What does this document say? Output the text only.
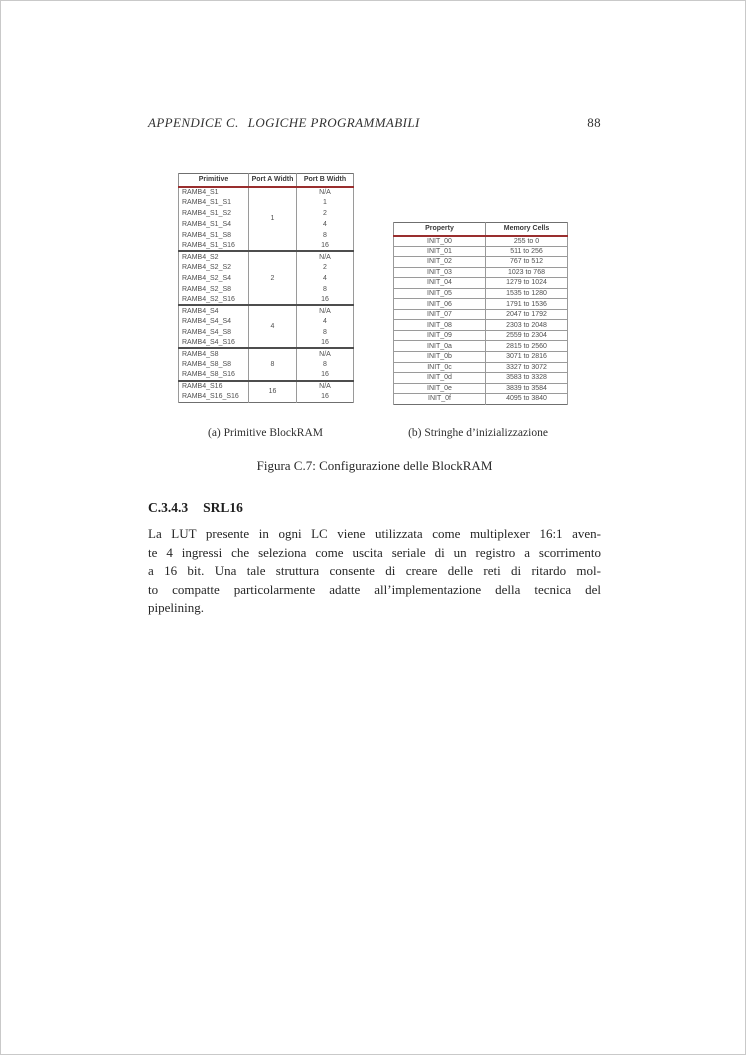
APPENDICE C. LOGICHE PROGRAMMABILI	88
Primitive	Port A Width	Port B Width
RAMB4_S1	1	N/A
RAMB4_S1_S1		1
RAMB4_S1_S2		2
RAMB4_S1_S4		4
RAMB4_S1_S8		8
RAMB4_S1_S16		16
RAMB4_S2	2	N/A
RAMB4_S2_S2		2
RAMB4_S2_S4		4
RAMB4_S2_S8		8
RAMB4_S2_S16		16
RAMB4_S4	4	N/A
RAMB4_S4_S4		4
RAMB4_S4_S8		8
RAMB4_S4_S16		16
RAMB4_S8	8	N/A
RAMB4_S8_S8		8
RAMB4_S8_S16		16
RAMB4_S16	16	N/A
RAMB4_S16_S16		16
Property	Memory Cells
INIT_00	255 to 0
INIT_01	511 to 256
INIT_02	767 to 512
INIT_03	1023 to 768
INIT_04	1279 to 1024
INIT_05	1535 to 1280
INIT_06	1791 to 1536
INIT_07	2047 to 1792
INIT_08	2303 to 2048
INIT_09	2559 to 2304
INIT_0a	2815 to 2560
INIT_0b	3071 to 2816
INIT_0c	3327 to 3072
INIT_0d	3583 to 3328
INIT_0e	3839 to 3584
INIT_0f	4095 to 3840
(a) Primitive BlockRAM	(b) Stringhe d’inizializzazione
Figura C.7: Configurazione delle BlockRAM
C.3.4.3 SRL16
La LUT presente in ogni LC viene utilizzata come multiplexer 16:1 aven-
te 4 ingressi che seleziona come uscita seriale di un registro a scorrimento
a 16 bit. Una tale struttura consente di creare delle reti di ritardo mol-
to compatte particolarmente adatte all’implementazione della tecnica del
pipelining.
